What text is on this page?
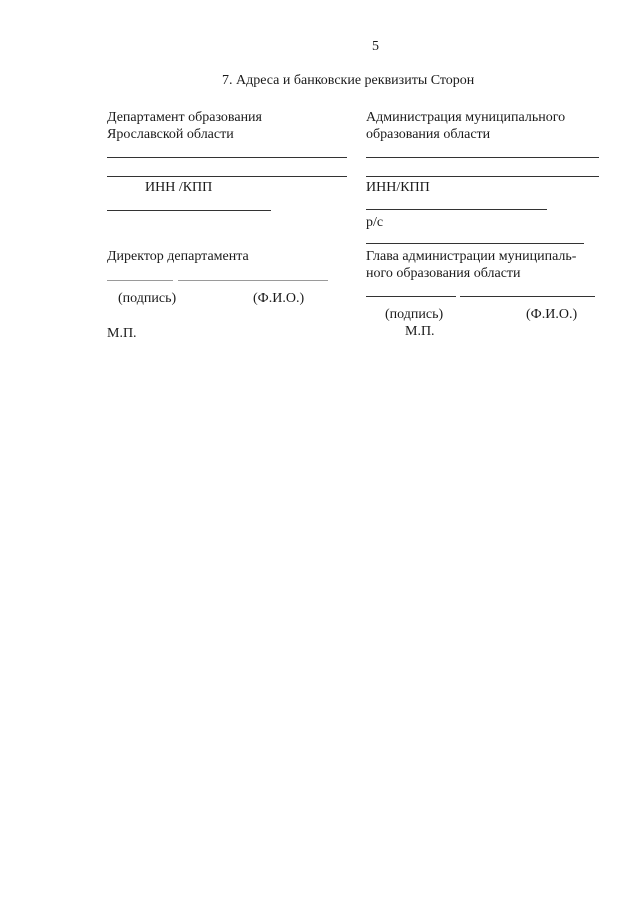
5
7. Адреса и банковские реквизиты Сторон
Департамент образования
Ярославской области
ИНН /КПП
Директор департамента
(подпись)	(Ф.И.О.)
М.П.
Администрация муниципального
образования области
ИНН/КПП
р/с
Глава администрации муниципаль-
ного образования области
(подпись)	(Ф.И.О.)
М.П.
